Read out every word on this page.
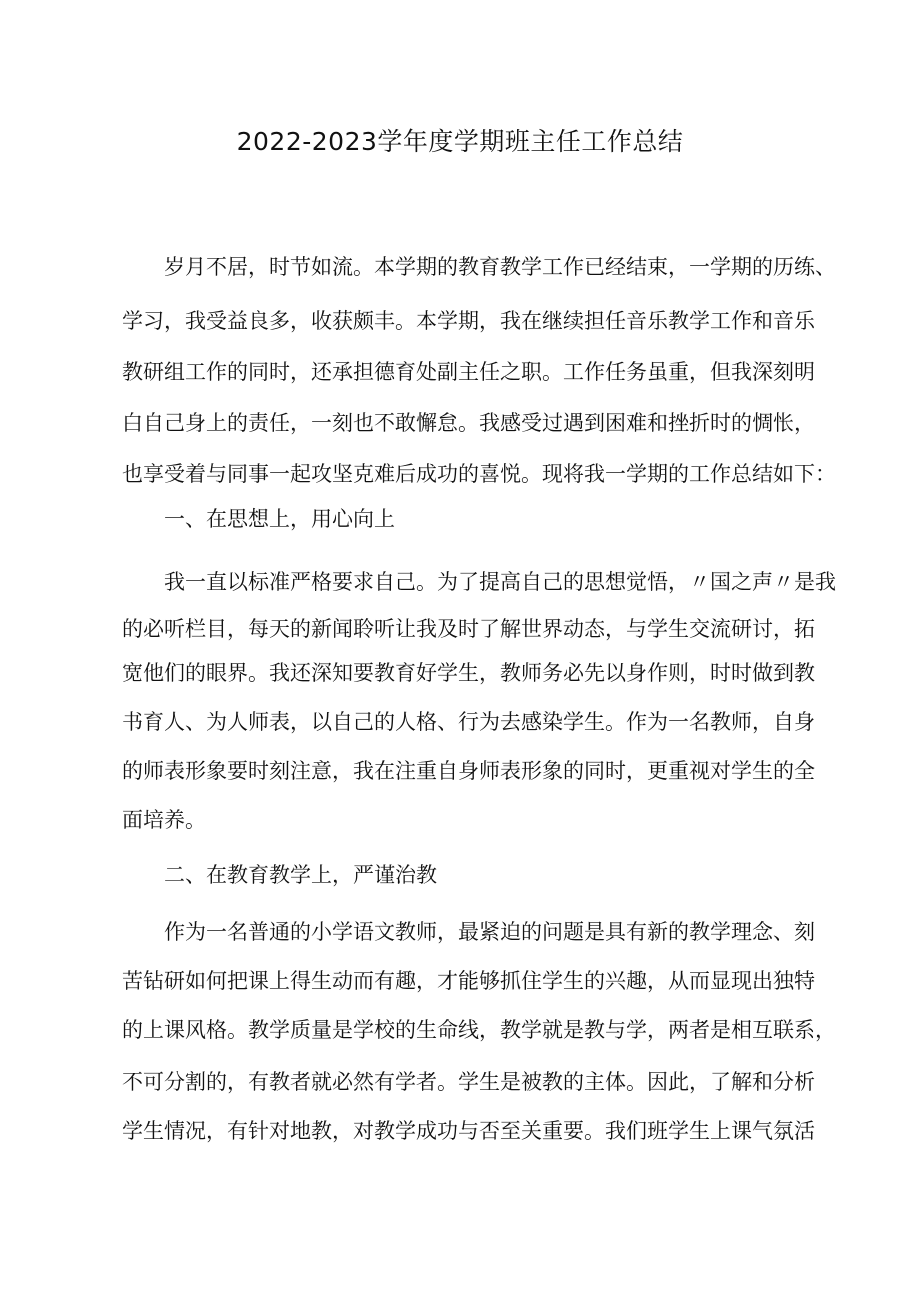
2022-2023学年度学期班主任工作总结
岁月不居，时节如流。本学期的教育教学工作已经结束，一学期的历练、
学习，我受益良多，收获颇丰。本学期，我在继续担任音乐教学工作和音乐
教研组工作的同时，还承担德育处副主任之职。工作任务虽重，但我深刻明
白自己身上的责任，一刻也不敢懈怠。我感受过遇到困难和挫折时的惆怅，
也享受着与同事一起攻坚克难后成功的喜悦。现将我一学期的工作总结如下：
一、在思想上，用心向上
我一直以标准严格要求自己。为了提高自己的思想觉悟，〃国之声〃是我
的必听栏目，每天的新闻聆听让我及时了解世界动态，与学生交流研讨，拓
宽他们的眼界。我还深知要教育好学生，教师务必先以身作则，时时做到教
书育人、为人师表，以自己的人格、行为去感染学生。作为一名教师，自身
的师表形象要时刻注意，我在注重自身师表形象的同时，更重视对学生的全
面培养。
二、在教育教学上，严谨治教
作为一名普通的小学语文教师，最紧迫的问题是具有新的教学理念、刻
苦钻研如何把课上得生动而有趣，才能够抓住学生的兴趣，从而显现出独特
的上课风格。教学质量是学校的生命线，教学就是教与学，两者是相互联系，
不可分割的，有教者就必然有学者。学生是被教的主体。因此，了解和分析
学生情况，有针对地教，对教学成功与否至关重要。我们班学生上课气氛活
